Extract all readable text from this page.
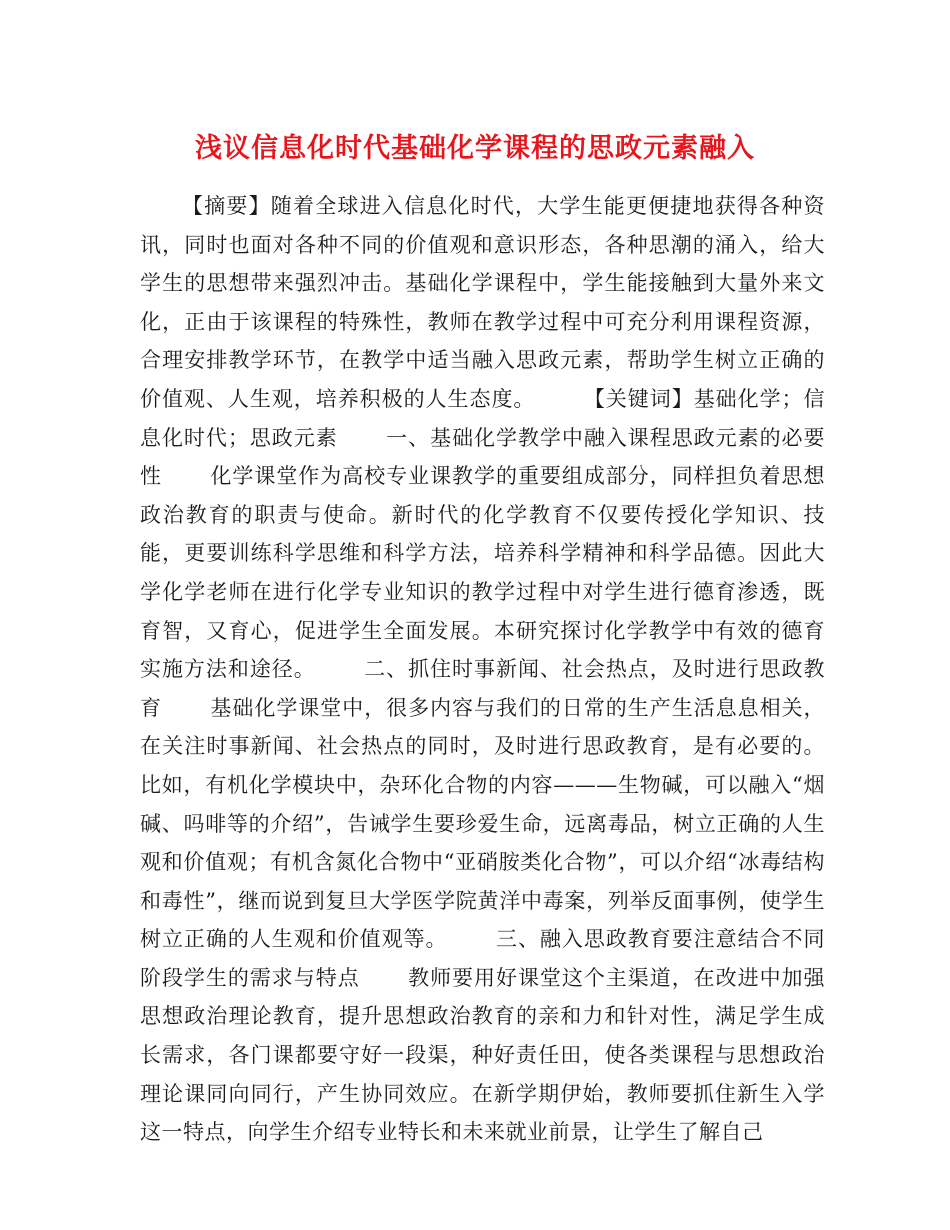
浅议信息化时代基础化学课程的思政元素融入

【摘要】随着全球进入信息化时代，大学生能更便捷地获得各种资讯，同时也面对各种不同的价值观和意识形态，各种思潮的涌入，给大学生的思想带来强烈冲击。基础化学课程中，学生能接触到大量外来文化，正由于该课程的特殊性，教师在教学过程中可充分利用课程资源，合理安排教学环节，在教学中适当融入思政元素，帮助学生树立正确的价值观、人生观，培养积极的人生态度。 【关键词】基础化学；信息化时代；思政元素 一、基础化学教学中融入课程思政元素的必要性 化学课堂作为高校专业课教学的重要组成部分，同样担负着思想政治教育的职责与使命。新时代的化学教育不仅要传授化学知识、技能，更要训练科学思维和科学方法，培养科学精神和科学品德。因此大学化学老师在进行化学专业知识的教学过程中对学生进行德育渗透，既育智，又育心，促进学生全面发展。本研究探讨化学教学中有效的德育实施方法和途径。 二、抓住时事新闻、社会热点，及时进行思政教育 基础化学课堂中，很多内容与我们的日常的生产生活息息相关，在关注时事新闻、社会热点的同时，及时进行思政教育，是有必要的。比如，有机化学模块中，杂环化合物的内容———生物碱，可以融入“烟碱、吗啡等的介绍”，告诫学生要珍爱生命，远离毒品，树立正确的人生观和价值观；有机含氮化合物中“亚硝胺类化合物”，可以介绍“冰毒结构和毒性”，继而说到复旦大学医学院黄洋中毒案，列举反面事例，使学生树立正确的人生观和价值观等。 三、融入思政教育要注意结合不同阶段学生的需求与特点 教师要用好课堂这个主渠道，在改进中加强思想政治理论教育，提升思想政治教育的亲和力和针对性，满足学生成长需求，各门课都要守好一段渠，种好责任田，使各类课程与思想政治理论课同向同行，产生协同效应。在新学期伊始，教师要抓住新生入学这一特点，向学生介绍专业特长和未来就业前景，让学生了解自己
